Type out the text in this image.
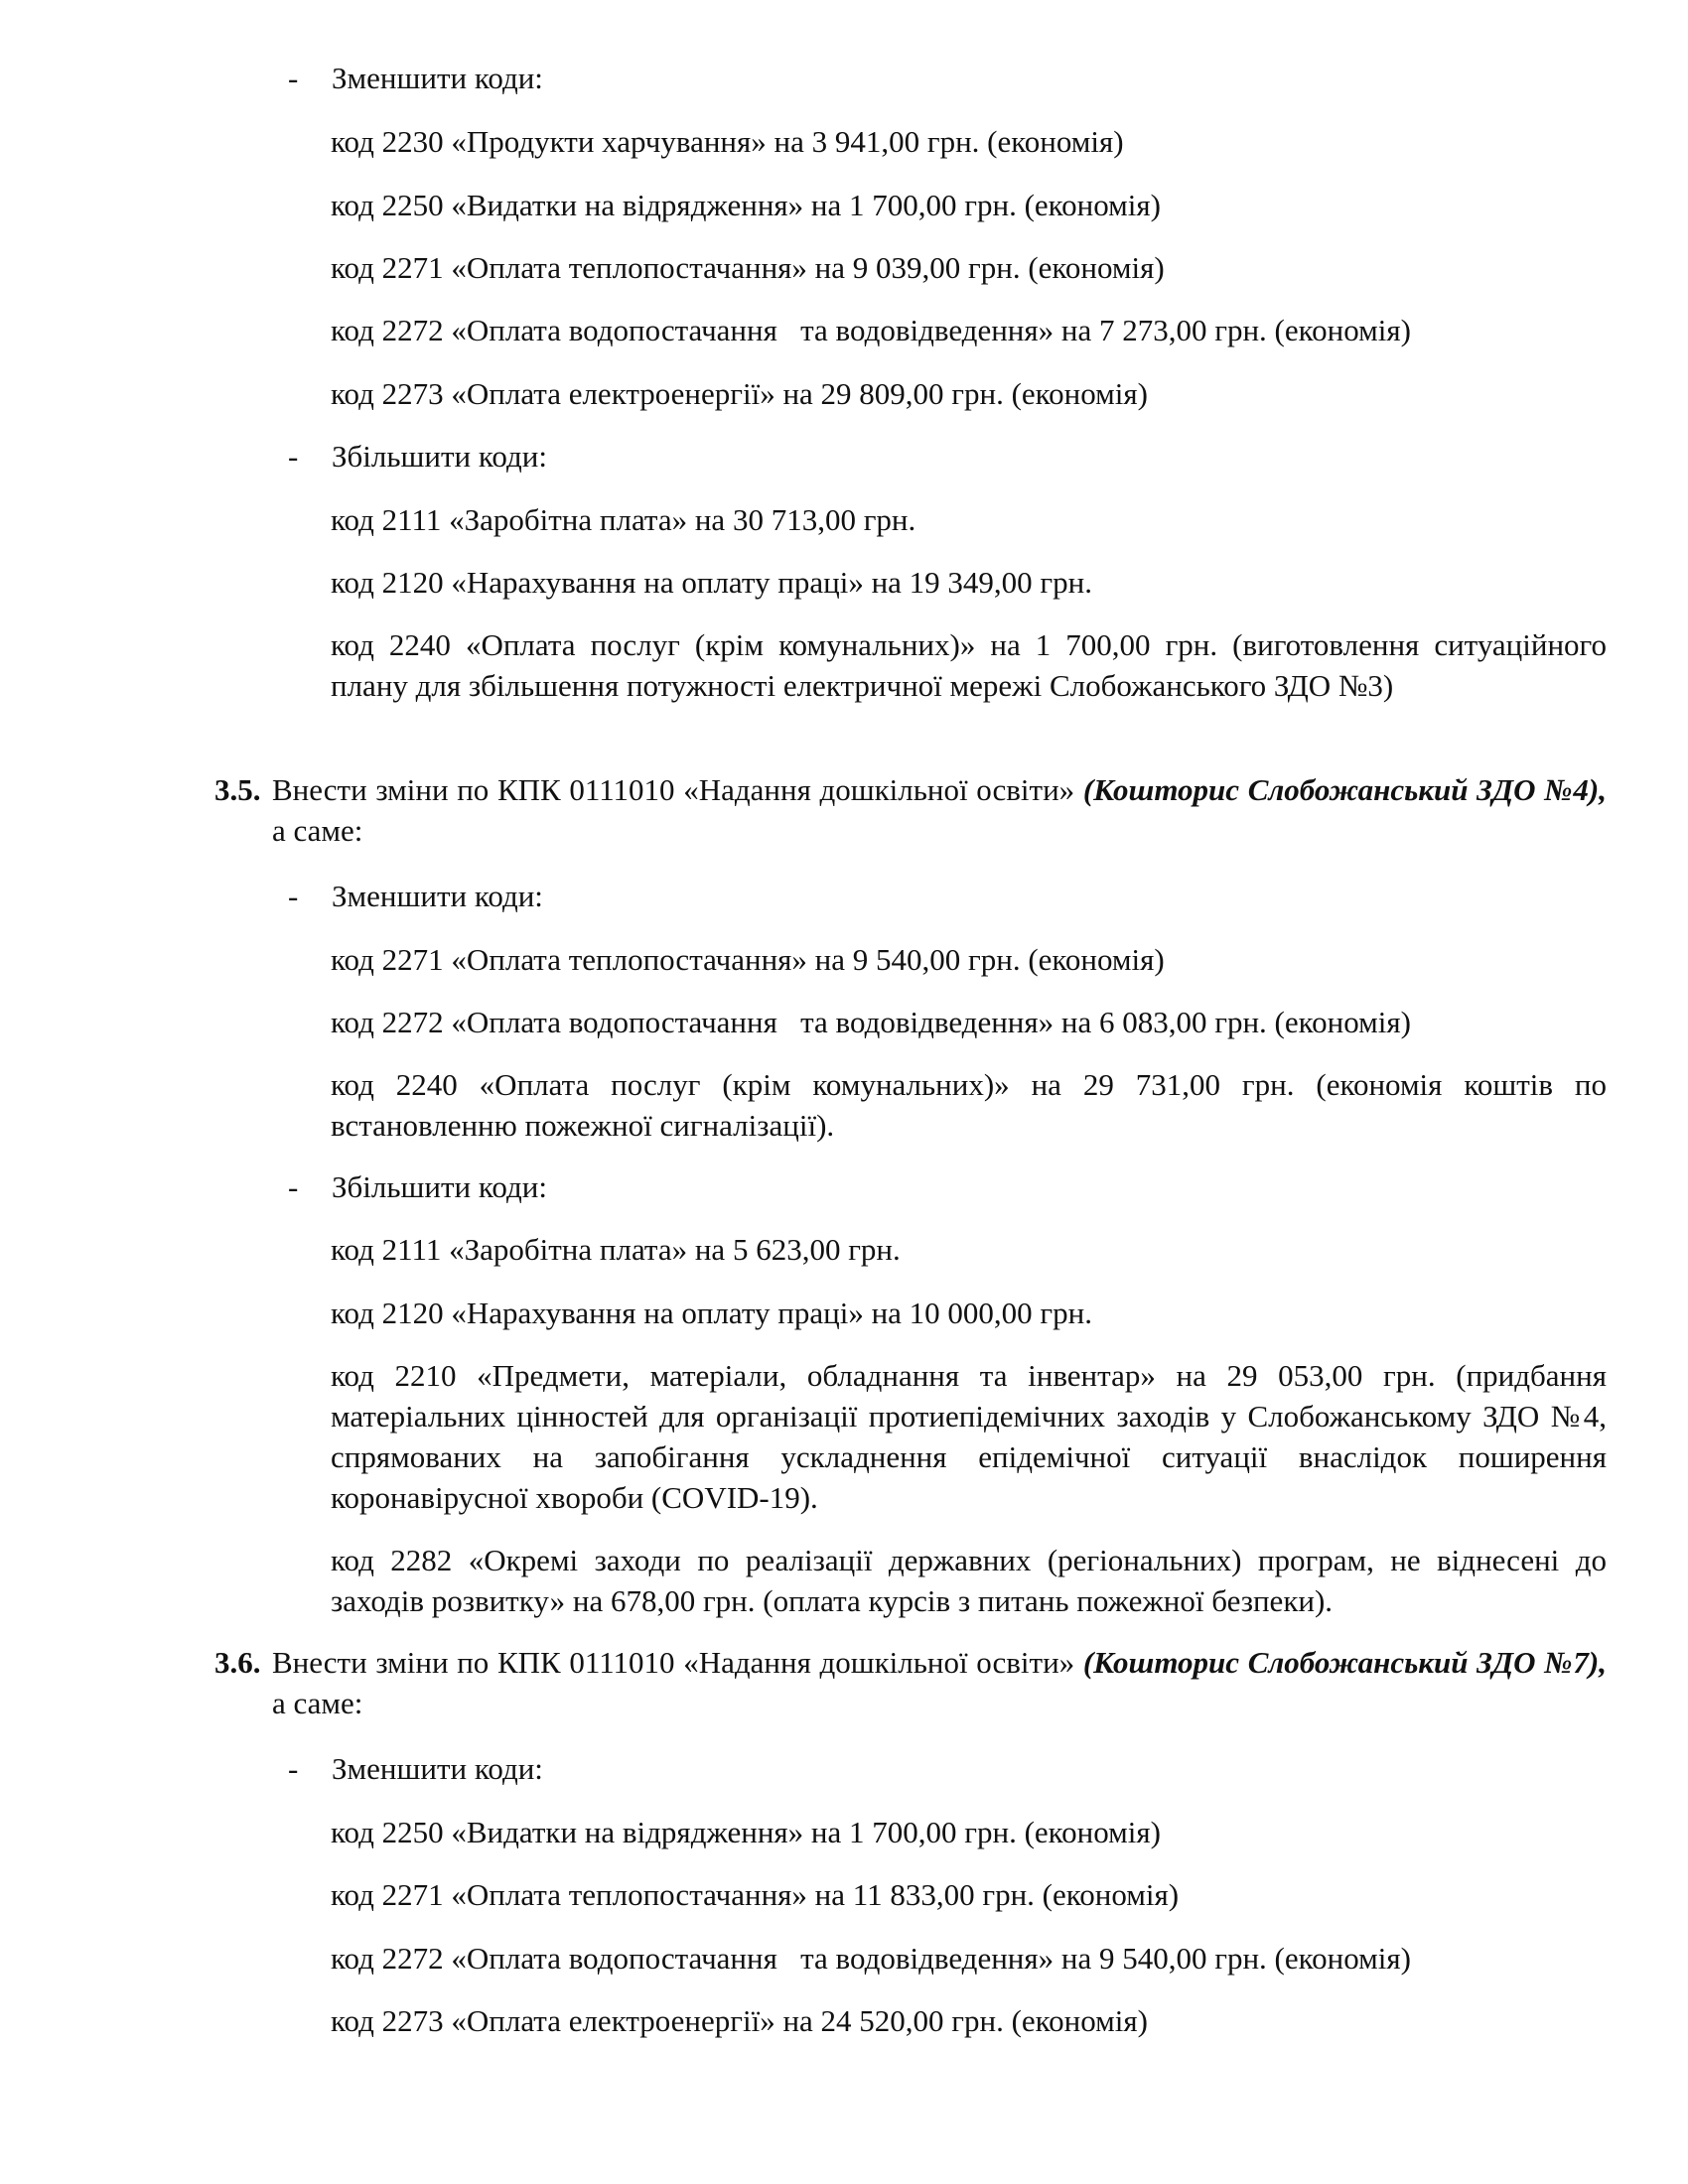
- Зменшити коди:
код 2230 «Продукти харчування» на 3 941,00 грн. (економія)
код 2250 «Видатки на відрядження» на 1 700,00 грн. (економія)
код 2271 «Оплата теплопостачання» на 9 039,00 грн. (економія)
код 2272 «Оплата водопостачання   та водовідведення» на 7 273,00 грн. (економія)
код 2273 «Оплата електроенергії» на 29 809,00 грн. (економія)
- Збільшити коди:
код 2111 «Заробітна плата» на 30 713,00 грн.
код 2120 «Нарахування на оплату праці» на 19 349,00 грн.
код 2240 «Оплата послуг (крім комунальних)» на 1 700,00 грн. (виготовлення ситуаційного плану для збільшення потужності електричної мережі Слобожанського ЗДО №3)
3.5. Внести зміни по КПК 0111010 «Надання дошкільної освіти» (Кошторис Слобожанський ЗДО №4), а саме:
- Зменшити коди:
код 2271 «Оплата теплопостачання» на 9 540,00 грн. (економія)
код 2272 «Оплата водопостачання   та водовідведення» на 6 083,00 грн. (економія)
код 2240 «Оплата послуг (крім комунальних)» на 29 731,00 грн. (економія коштів по встановленню пожежної сигналізації).
- Збільшити коди:
код 2111 «Заробітна плата» на 5 623,00 грн.
код 2120 «Нарахування на оплату праці» на 10 000,00 грн.
код 2210 «Предмети, матеріали, обладнання та інвентар» на 29 053,00 грн. (придбання матеріальних цінностей для організації протиепідемічних заходів у Слобожанському ЗДО №4, спрямованих на запобігання ускладнення епідемічної ситуації внаслідок поширення коронавірусної хвороби (COVID-19).
код 2282 «Окремі заходи по реалізації державних (регіональних) програм, не віднесені до заходів розвитку» на 678,00 грн. (оплата курсів з питань пожежної безпеки).
3.6. Внести зміни по КПК 0111010 «Надання дошкільної освіти» (Кошторис Слобожанський ЗДО №7), а саме:
- Зменшити коди:
код 2250 «Видатки на відрядження» на 1 700,00 грн. (економія)
код 2271 «Оплата теплопостачання» на 11 833,00 грн. (економія)
код 2272 «Оплата водопостачання   та водовідведення» на 9 540,00 грн. (економія)
код 2273 «Оплата електроенергії» на 24 520,00 грн. (економія)
